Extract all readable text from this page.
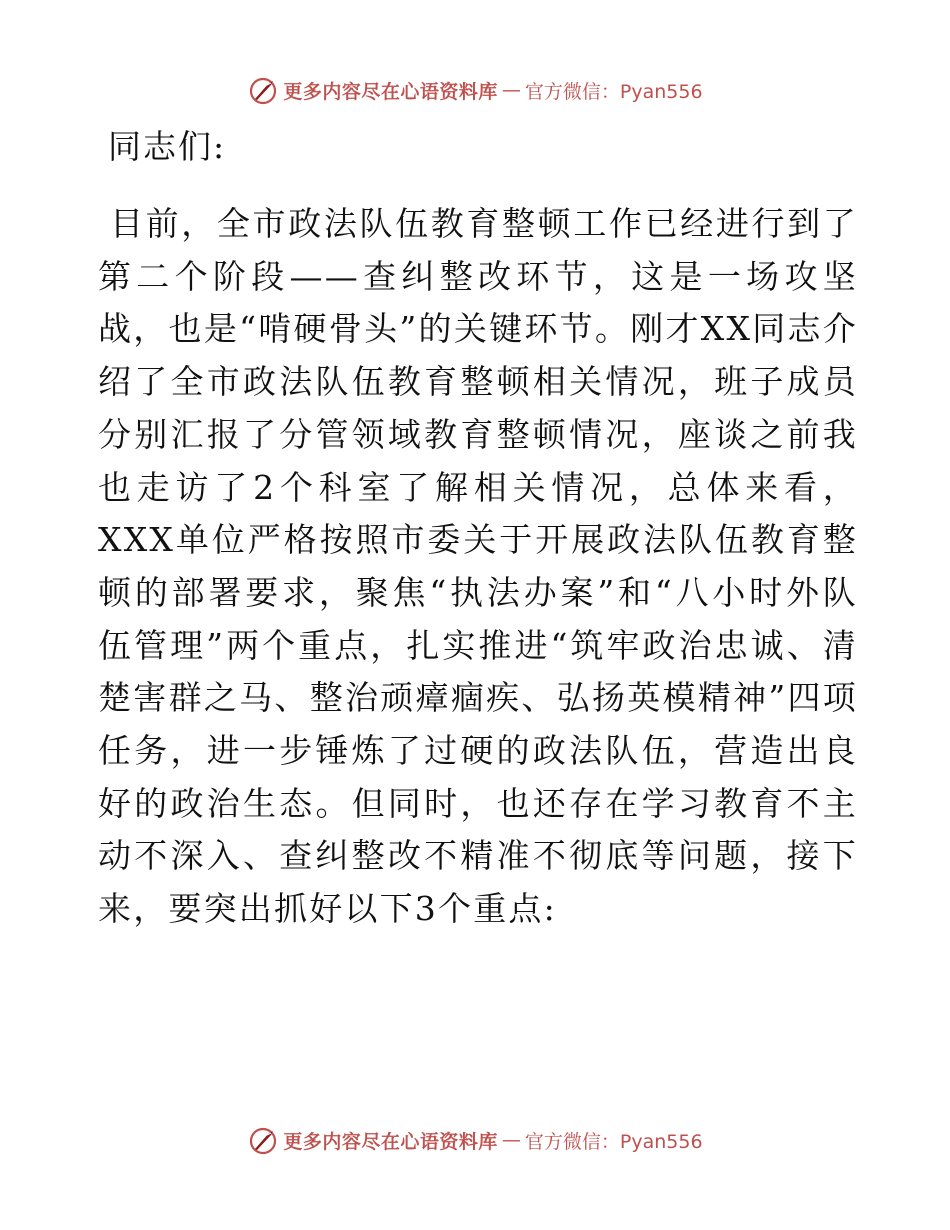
更多内容尽在心语资料库 — 官方微信：Pyan556
同志们:

目前，全市政法队伍教育整顿工作已经进行到了第二个阶段——查纠整改环节，这是一场攻坚战，也是“啃硬骨头”的关键环节。刚才XX同志介绍了全市政法队伍教育整顿相关情况，班子成员分别汇报了分管领域教育整顿情况，座谈之前我也走访了2个科室了解相关情况，总体来看，XXX单位严格按照市委关于开展政法队伍教育整顿的部署要求，聚焦“执法办案”和“八小时外队伍管理”两个重点，扎实推进“筑牢政治忠诚、清楚害群之马、整治顽瘴痼疾、弘扬英模精神”四项任务，进一步锤炼了过硬的政法队伍，营造出良好的政治生态。但同时，也还存在学习教育不主动不深入、查纠整改不精准不彻底等问题，接下来，要突出抓好以下3个重点:

更多内容尽在心语资料库 — 官方微信：Pyan556
